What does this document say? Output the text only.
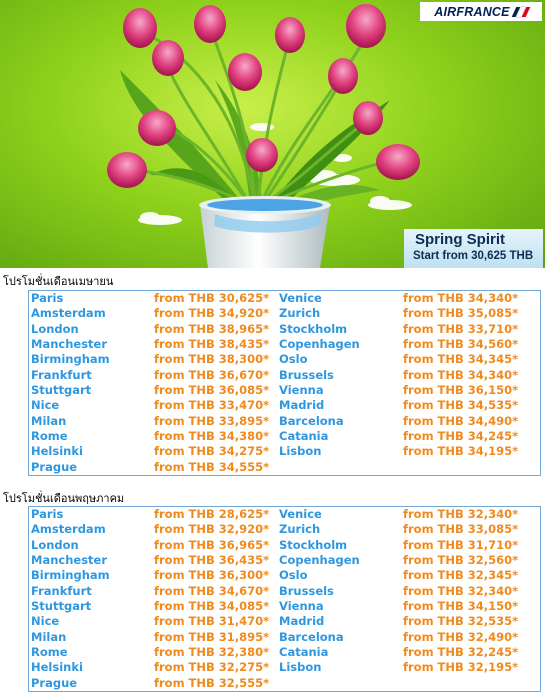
AIRFRANCE
Spring Spirit
Start from 30,625 THB
โปรโมชั่นเดือนเมษายน
Paris	from THB 30,625* Venice	from THB 34,340*
Amsterdam	from THB 34,920* Zurich	from THB 35,085*
London	from THB 38,965* Stockholm	from THB 33,710*
Manchester	from THB 38,435* Copenhagen	from THB 34,560*
Birmingham	from THB 38,300* Oslo	from THB 34,345*
Frankfurt	from THB 36,670* Brussels	from THB 34,340*
Stuttgart	from THB 36,085* Vienna	from THB 36,150*
Nice	from THB 33,470* Madrid	from THB 34,535*
Milan	from THB 33,895* Barcelona	from THB 34,490*
Rome	from THB 34,380* Catania	from THB 34,245*
Helsinki	from THB 34,275* Lisbon	from THB 34,195*
Prague	from THB 34,555*
โปรโมชั่นเดือนพฤษภาคม
Paris	from THB 28,625* Venice	from THB 32,340*
Amsterdam	from THB 32,920* Zurich	from THB 33,085*
London	from THB 36,965* Stockholm	from THB 31,710*
Manchester	from THB 36,435* Copenhagen	from THB 32,560*
Birmingham	from THB 36,300* Oslo	from THB 32,345*
Frankfurt	from THB 34,670* Brussels	from THB 32,340*
Stuttgart	from THB 34,085* Vienna	from THB 34,150*
Nice	from THB 31,470* Madrid	from THB 32,535*
Milan	from THB 31,895* Barcelona	from THB 32,490*
Rome	from THB 32,380* Catania	from THB 32,245*
Helsinki	from THB 32,275* Lisbon	from THB 32,195*
Prague	from THB 32,555*
